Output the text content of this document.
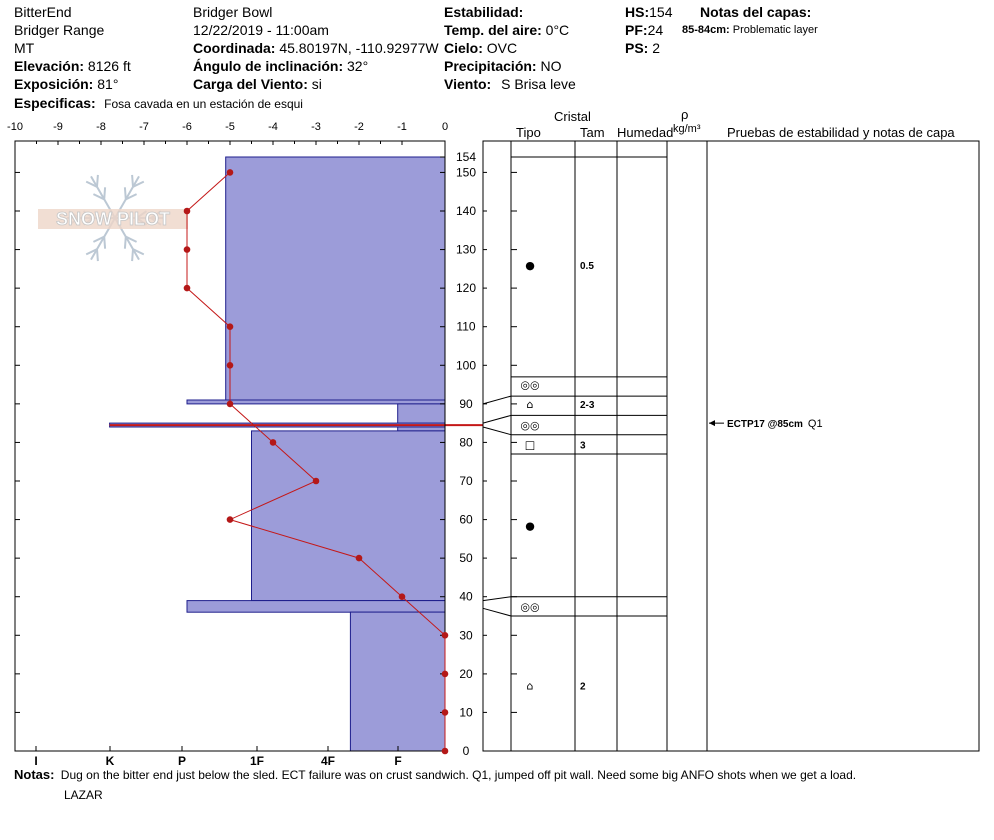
BitterEnd
Bridger Range
MT
Elevación: 8126 ft
Exposición: 81°
Especificas: Fosa cavada en un estación de esqui
Bridger Bowl
12/22/2019 - 11:00am
Coordinada: 45.80197N, -110.92977W
Ángulo de inclinación: 32°
Carga del Viento: si
Estabilidad:
Temp. del aire: 0°C
Cielo: OVC
Precipitación: NO
Viento: S Brisa leve
HS:154
PF:24
PS: 2
Notas del capas:
85-84cm: Problematic layer
Cristal
Tipo	Tam Humedad
ρ
kg/m³ Pruebas de estabilidad y notas de capa
SNOW PILOT
-10	-9	-8	-7	-6	-5	-4	-3	-2	-1	0
0
10
20
30
40
50
60
70
80
90
100
110
120
130
140
150
154
I	K	P	1F	4F	F
●	0.5
◎◎
⌂	2-3
◎◎
□	3
●
◎◎
⌂	2
ECTP17 @85cm Q1
Notas: Dug on the bitter end just below the sled. ECT failure was on crust sandwich. Q1, jumped off pit wall. Need some big ANFO shots when we get a load.
LAZAR
